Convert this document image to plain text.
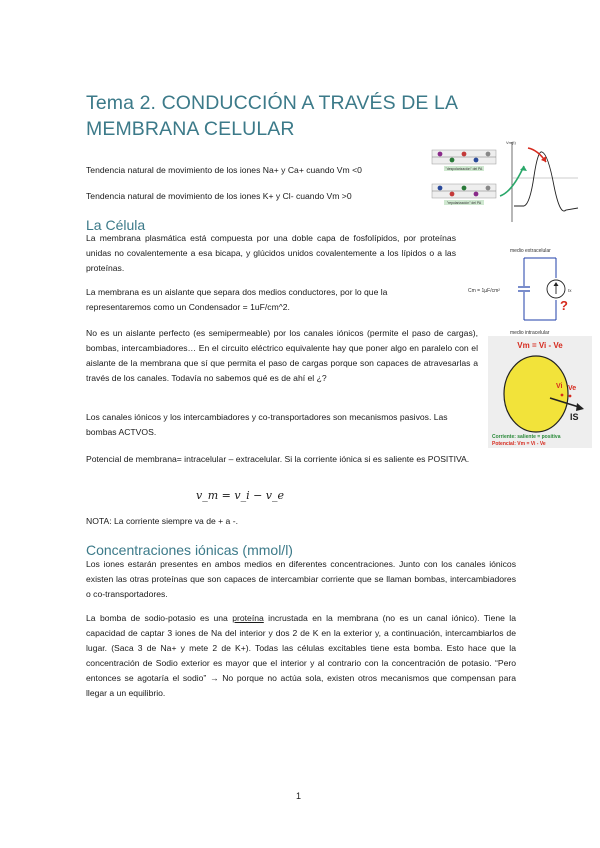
Tema 2. CONDUCCIÓN A TRAVÉS DE LA MEMBRANA CELULAR
Tendencia natural de movimiento de los iones Na+ y Ca+ cuando Vm <0
Tendencia natural de movimiento de los iones K+ y Cl- cuando Vm >0
"despolarización" del PA
"repolarización" del PA
Vm(t)
La Célula
La membrana plasmática está compuesta por una doble capa de fosfolípidos, por proteínas unidas no covalentemente a esa bicapa, y glúcidos unidos covalentemente a los lípidos o a las proteínas.
La membrana es un aislante que separa dos medios conductores, por lo que la representaremos como un Condensador = 1uF/cm^2.
medio extracelular
Cm = 1µF/cm²	Ix
?
medio intracelular
No es un aislante perfecto (es semipermeable) por los canales iónicos (permite el paso de cargas), bombas, intercambiadores… En el circuito eléctrico equivalente hay que poner algo en paralelo con el aislante de la membrana que sí que permita el paso de cargas porque son capaces de atravesarlas a través de los canales. Todavía no sabemos qué es de ahí el ¿?
Vm = Vi - Ve
Vi Ve
IS
Corriente: saliente = positiva
Potencial: Vm = Vi - Ve
Los canales iónicos y los intercambiadores y co-transportadores son mecanismos pasivos. Las bombas ACTVOS.
Potencial de membrana= intracelular – extracelular. Si la corriente iónica si es saliente es POSITIVA.
v_m = v_i − v_e
NOTA: La corriente siempre va de + a -.
Concentraciones iónicas (mmol/l)
Los iones estarán presentes en ambos medios en diferentes concentraciones. Junto con los canales iónicos existen las otras proteínas que son capaces de intercambiar corriente que se llaman bombas, intercambiadores o co-transportadores.
La bomba de sodio-potasio es una proteína incrustada en la membrana (no es un canal iónico). Tiene la capacidad de captar 3 iones de Na del interior y dos 2 de K en la exterior y, a continuación, intercambiarlos de lugar. (Saca 3 de Na+ y mete 2 de K+). Todas las células excitables tiene esta bomba. Esto hace que la concentración de Sodio exterior es mayor que el interior y al contrario con la concentración de potasio. “Pero entonces se agotaría el sodio” → No porque no actúa sola, existen otros mecanismos que compensan para llegar a un equilibrio.
1
